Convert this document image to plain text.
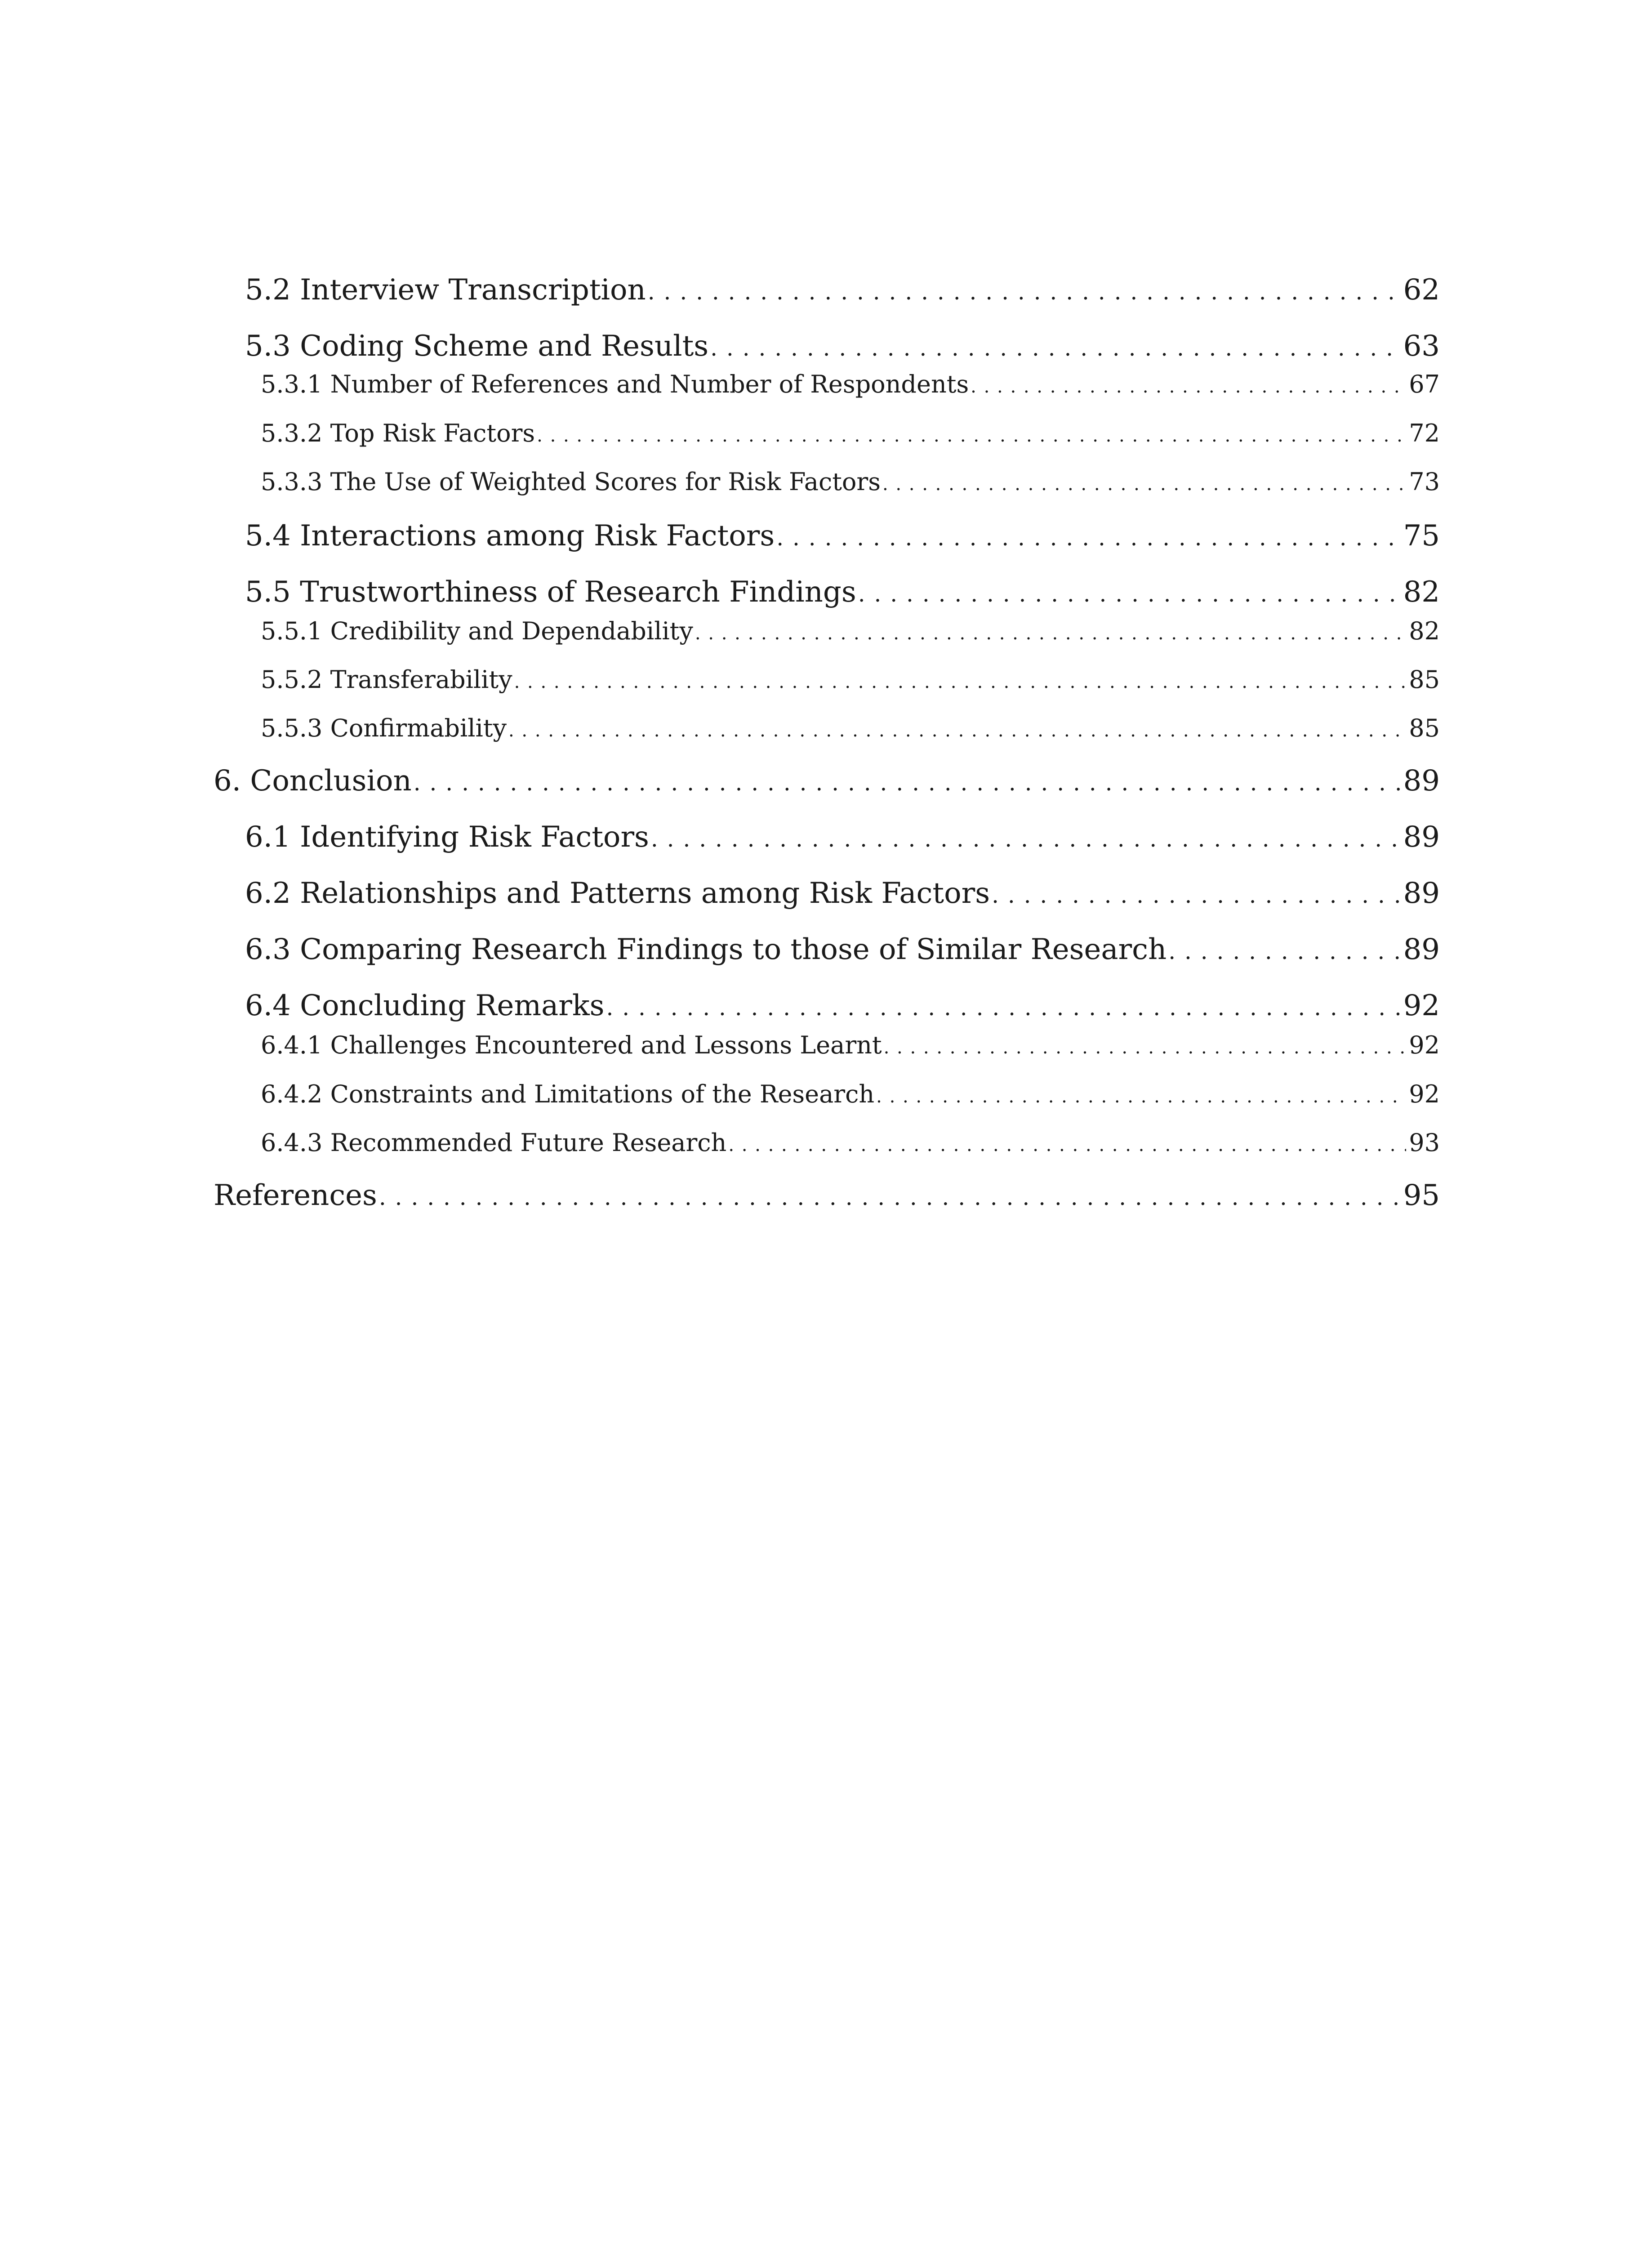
5.2 Interview Transcription . . .	62
5.3 Coding Scheme and Results . . .	63
5.3.1 Number of References and Number of Respondents . . .	67
5.3.2 Top Risk Factors . . .	72
5.3.3 The Use of Weighted Scores for Risk Factors . . .	73
5.4 Interactions among Risk Factors . . .	75
5.5 Trustworthiness of Research Findings . . .	82
5.5.1 Credibility and Dependability . . .	82
5.5.2 Transferability . . .	85
5.5.3 Confirmability . . .	85
6. Conclusion . . .	89
6.1 Identifying Risk Factors . . .	89
6.2 Relationships and Patterns among Risk Factors . . .	89
6.3 Comparing Research Findings to those of Similar Research . . .	89
6.4 Concluding Remarks . . .	92
6.4.1 Challenges Encountered and Lessons Learnt . . .	92
6.4.2 Constraints and Limitations of the Research . . .	92
6.4.3 Recommended Future Research . . .	93
References . . .	95
